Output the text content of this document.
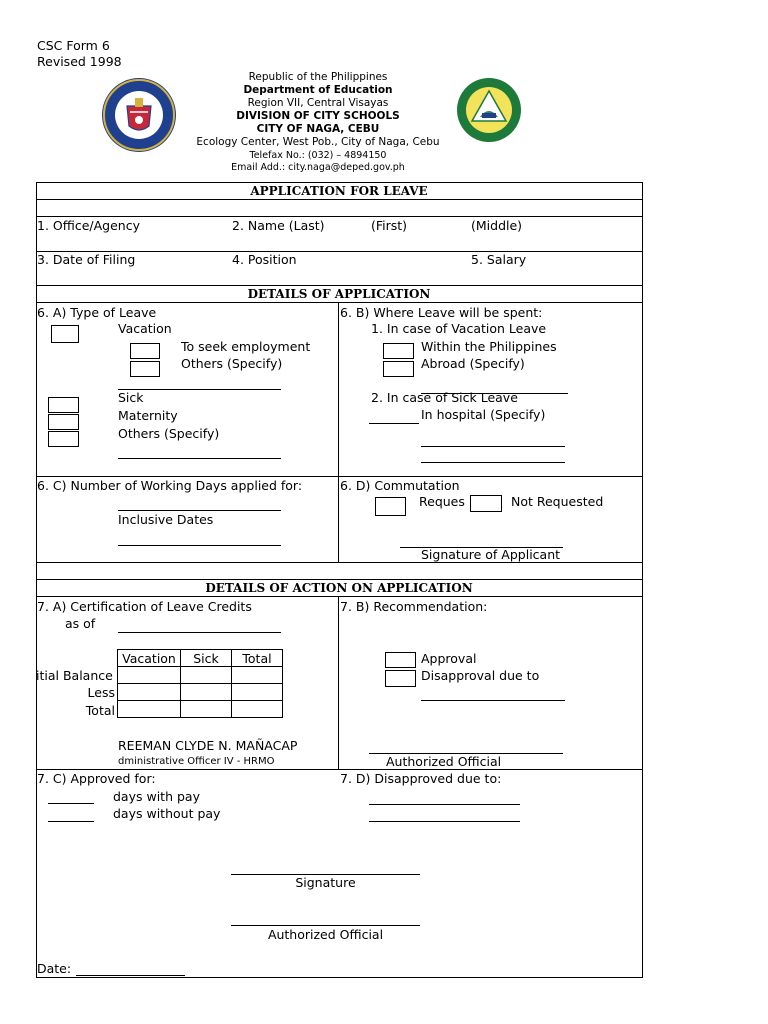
CSC Form 6
Revised 1998
Republic of the Philippines
Department of Education
Region VII, Central Visayas
DIVISION OF CITY SCHOOLS
CITY OF NAGA, CEBU
Ecology Center, West Pob., City of Naga, Cebu
Telefax No.: (032) – 4894150
Email Add.: city.naga@deped.gov.ph
APPLICATION FOR LEAVE
1. Office/Agency	2. Name (Last)	(First)	(Middle)
3. Date of Filing	4. Position	5. Salary
DETAILS OF APPLICATION
6. A) Type of Leave
Vacation
To seek employment
Others (Specify)
Sick
Maternity
Others (Specify)
6. B) Where Leave will be spent:
1. In case of Vacation Leave
Within the Philippines
Abroad (Specify)
2. In case of Sick Leave
In hospital (Specify)
6. C) Number of Working Days applied for:
Inclusive Dates
6. D) Commutation
Reques	Not Requested
Signature of Applicant
DETAILS OF ACTION ON APPLICATION
7. A) Certification of Leave Credits
as of
Vacation	Sick	Total

itial Balance
Less
Total
REEMAN CLYDE N. MAÑACAP
dministrative Officer IV - HRMO
7. B) Recommendation:
Approval
Disapproval due to
Authorized Official
7. C) Approved for:
days with pay
days without pay
7. D) Disapproved due to:
Signature
Authorized Official
Date:
